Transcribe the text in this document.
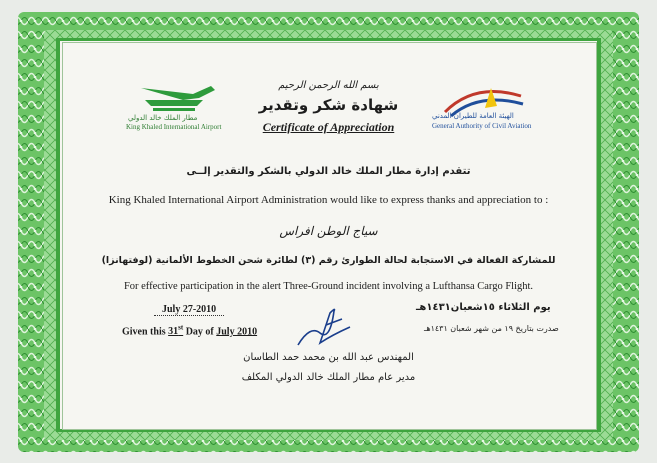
مطار الملك خالد الدولي
King Khaled International Airport
الهيئة العامة للطيران المدني
General Authority of Civil Aviation
بسم الله الرحمن الرحيم
شهادة شكر وتقدير
Certificate of Appreciation
تتقدم إدارة مطار الملك خالد الدولي بالشكر والتقدير إلــى
King Khaled International Airport Administration would like to express thanks and appreciation to :
سياج الوطن افراس
للمشاركة الفعالة في الاستجابة لحالة الطوارئ رقم (٣) لطائرة شحن الخطوط الألمانية (لوفتهانزا)
For effective participation in the alert Three-Ground incident involving a Lufthansa Cargo Flight.
July 27-2010	يوم الثلاثاء ١٥شعبان١٤٣١هـ
Given this 31st Day of July 2010	صدرت بتاريخ ١٩ من شهر شعبان ١٤٣١هـ
المهندس عبد الله بن محمد حمد الطاسان
مدير عام مطار الملك خالد الدولي المكلف
